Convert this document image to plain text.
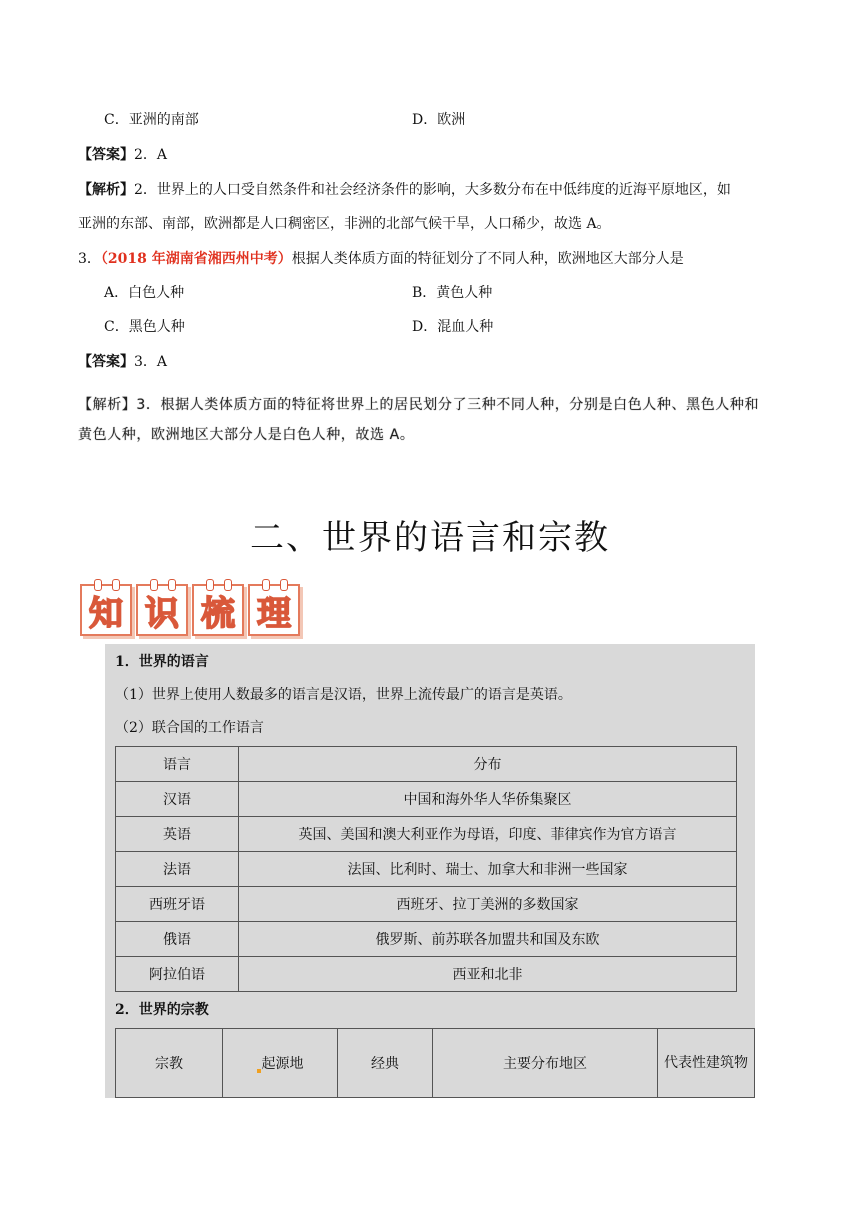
C．亚洲的南部	D．欧洲
【答案】2．A
【解析】2．世界上的人口受自然条件和社会经济条件的影响，大多数分布在中低纬度的近海平原地区，如
亚洲的东部、南部，欧洲都是人口稠密区，非洲的北部气候干旱，人口稀少，故选 A。
3．（2018 年湖南省湘西州中考）根据人类体质方面的特征划分了不同人种，欧洲地区大部分人是
A．白色人种	B．黄色人种
C．黑色人种	D．混血人种
【答案】3．A
【解析】3．根据人类体质方面的特征将世界上的居民划分了三种不同人种，分别是白色人种、黑色人种和
黄色人种，欧洲地区大部分人是白色人种，故选 A。
二、世界的语言和宗教
知 识 梳 理
1．世界的语言
（1）世界上使用人数最多的语言是汉语，世界上流传最广的语言是英语。
（2）联合国的工作语言
语言	分布
汉语	中国和海外华人华侨集聚区
英语	英国、美国和澳大利亚作为母语，印度、菲律宾作为官方语言
法语	法国、比利时、瑞士、加拿大和非洲一些国家
西班牙语	西班牙、拉丁美洲的多数国家
俄语	俄罗斯、前苏联各加盟共和国及东欧
阿拉伯语	西亚和北非
2．世界的宗教
宗教	起源地	经典	主要分布地区	代表性建筑物
